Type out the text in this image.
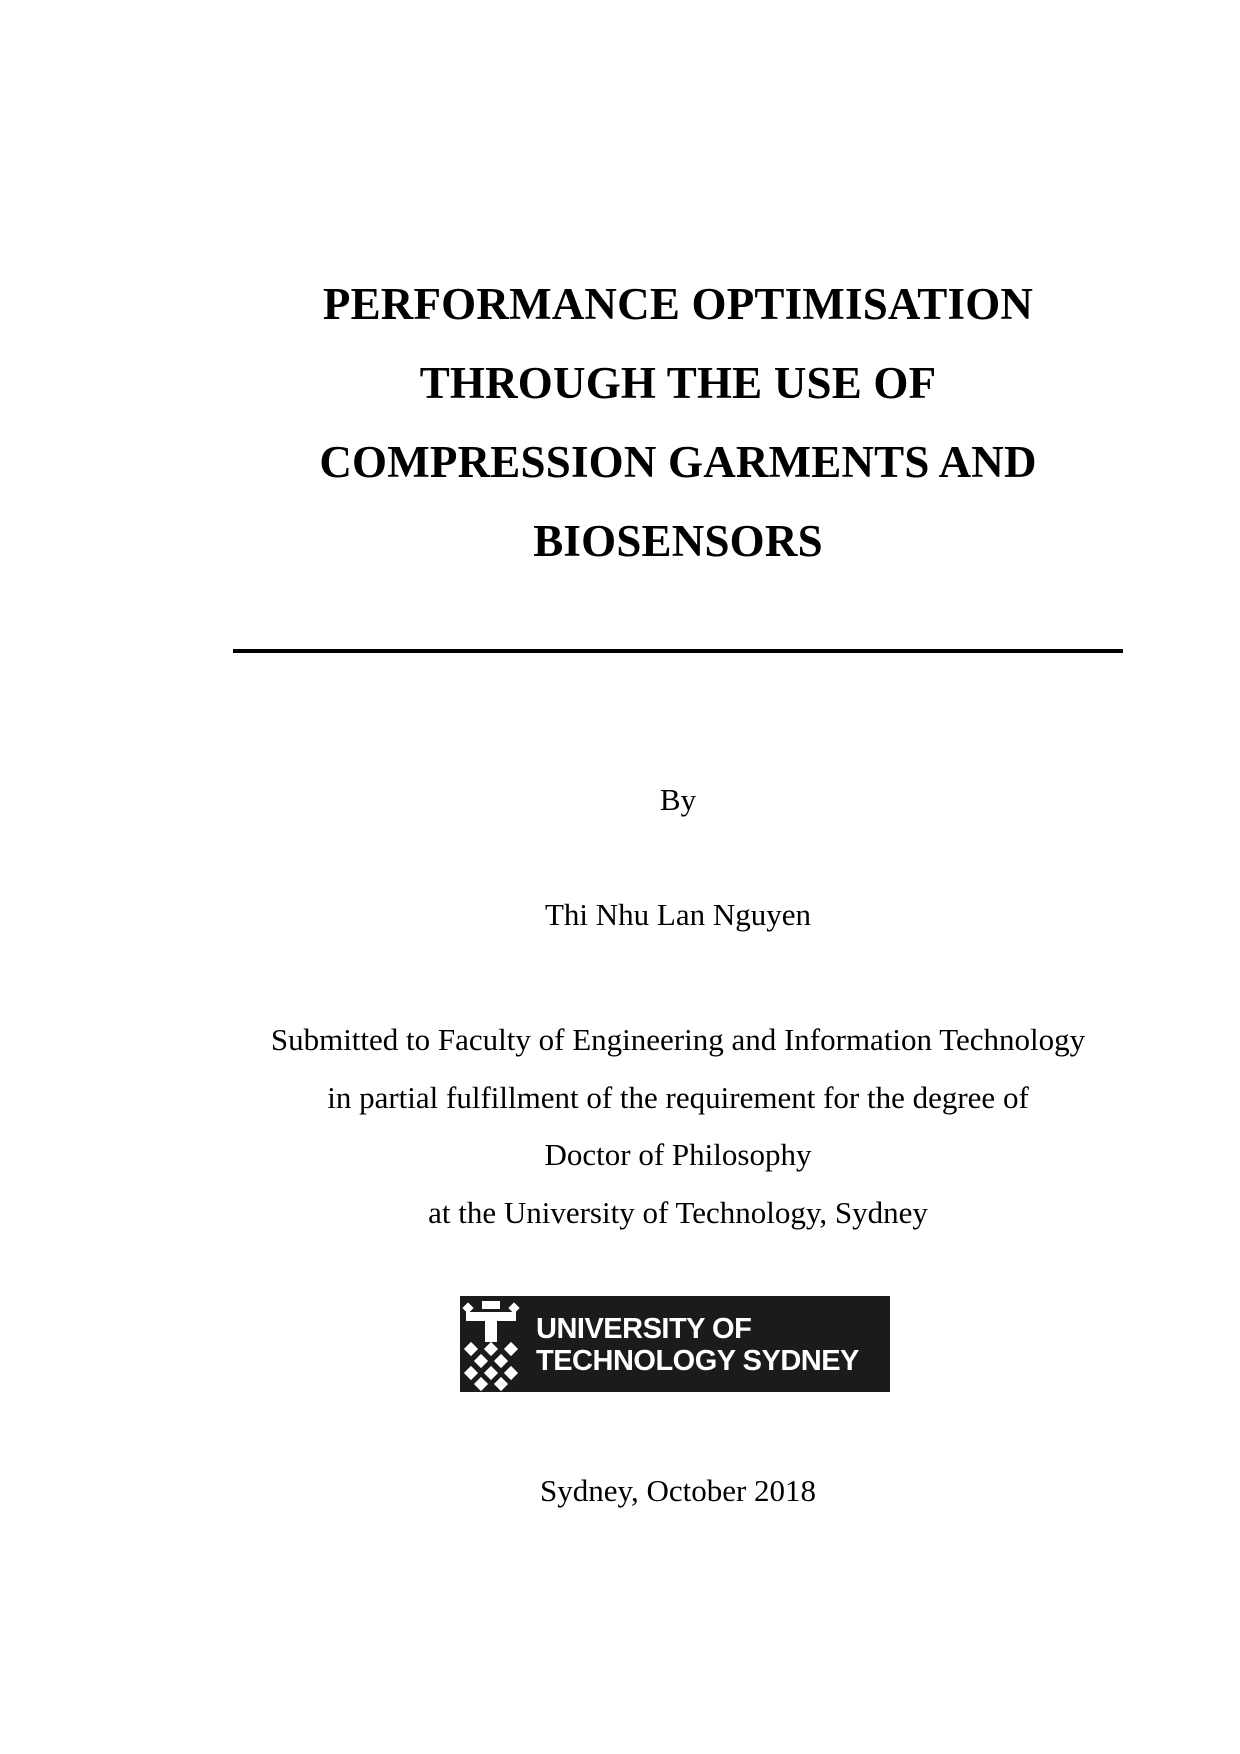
PERFORMANCE OPTIMISATION
THROUGH THE USE OF
COMPRESSION GARMENTS AND
BIOSENSORS
By
Thi Nhu Lan Nguyen
Submitted to Faculty of Engineering and Information Technology
in partial fulfillment of the requirement for the degree of
Doctor of Philosophy
at the University of Technology, Sydney
UNIVERSITY OF
TECHNOLOGY SYDNEY
Sydney, October 2018
